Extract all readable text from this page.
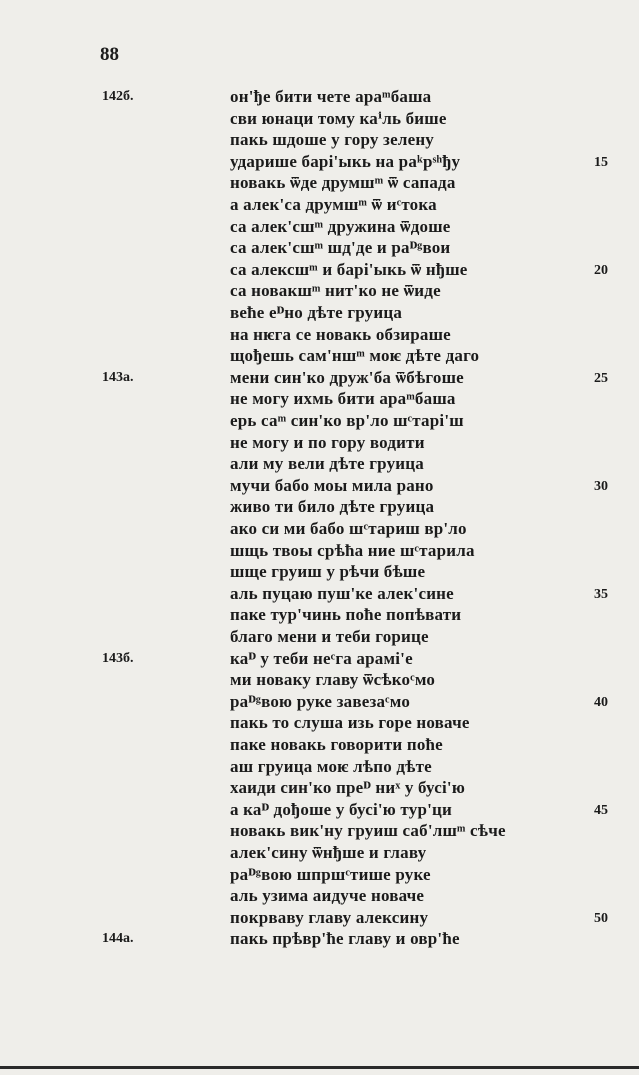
88
142б.
143а.
143б.
144а.
он'ђе бити чете араᵐбаша
сви юнаци тому каⁱль бише
пакь шдоше у гору зелену
ударише барі'ыкь на раᵏрˢʰђу
новакь ѿде друмшᵐ ѿ сапада
а алек'са друмшᵐ ѿ иᶜтока
са алек'сшᵐ дружина ѿдоше
са алек'сшᵐ шд'де и раᴰᵍвои
са алексшᵐ и барі'ыкь ѿ нђше
са новакшᵐ нит'ко не ѿиде
веће еᴰно дѣте груица
на нѥга се новакь обзираше
щођешь сам'ншᵐ моѥ дѣте даго
мени син'ко друж'ба ѿбѣгоше
не могу ихмь бити араᵐбаша
ерь саᵐ син'ко вр'ло шᶜтарі'ш
не могу и по гору водити
али му вели дѣте груица
мучи бабо моы мила рано
живо ти било дѣте груица
ако си ми бабо шᶜтариш вр'ло
шщь твоы срѣћа ние шᶜтарила
шще груиш у рѣчи бѣше
аль пуцаю пуш'ке алек'сине
паке тур'чинь поће попѣвати
благо мени и теби горице
каᴰ у теби неᶜга арамі'е
ми новаку главу ѿсѣкоᶜмо
раᴰᵍвою руке завезаᶜмо
пакь то слуша изь горе новаче
паке новакь говорити поће
аш груица моѥ лѣпо дѣте
хаиди син'ко преᴰ ниˣ у бусі'ю
а каᴰ дођоше у бусі'ю тур'ци
новакь вик'ну груиш саб'лшᵐ сѣче
алек'сину ѿнђше и главу
раᴰᵍвою шпршᶜтише руке
аль узима аидуче новаче
покрваву главу алексину
пакь прѣвр'ће главу и овр'ће
15
20
25
30
35
40
45
50
